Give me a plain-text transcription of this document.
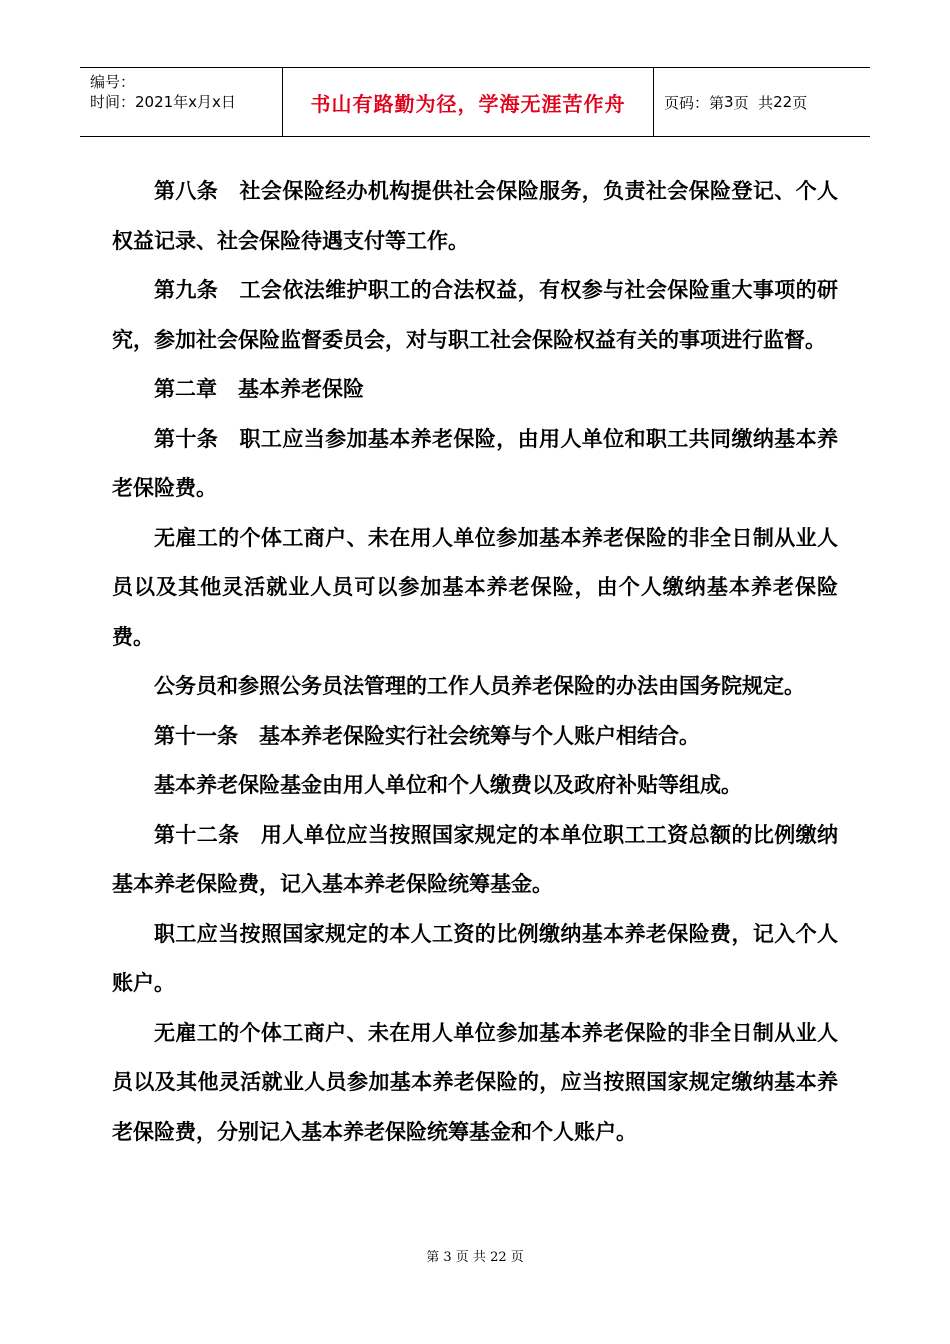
编号：
时间：2021年x月x日	书山有路勤为径，学海无涯苦作舟	页码：第 3 页  共 22 页

第八条　社会保险经办机构提供社会保险服务，负责社会保险登记、个人权益记录、社会保险待遇支付等工作。

第九条　工会依法维护职工的合法权益，有权参与社会保险重大事项的研究，参加社会保险监督委员会，对与职工社会保险权益有关的事项进行监督。

第二章　基本养老保险

第十条　职工应当参加基本养老保险，由用人单位和职工共同缴纳基本养老保险费。

无雇工的个体工商户、未在用人单位参加基本养老保险的非全日制从业人员以及其他灵活就业人员可以参加基本养老保险，由个人缴纳基本养老保险费。

公务员和参照公务员法管理的工作人员养老保险的办法由国务院规定。

第十一条　基本养老保险实行社会统筹与个人账户相结合。

基本养老保险基金由用人单位和个人缴费以及政府补贴等组成。

第十二条　用人单位应当按照国家规定的本单位职工工资总额的比例缴纳基本养老保险费，记入基本养老保险统筹基金。

职工应当按照国家规定的本人工资的比例缴纳基本养老保险费，记入个人账户。

无雇工的个体工商户、未在用人单位参加基本养老保险的非全日制从业人员以及其他灵活就业人员参加基本养老保险的，应当按照国家规定缴纳基本养老保险费，分别记入基本养老保险统筹基金和个人账户。

第 3 页 共 22 页
